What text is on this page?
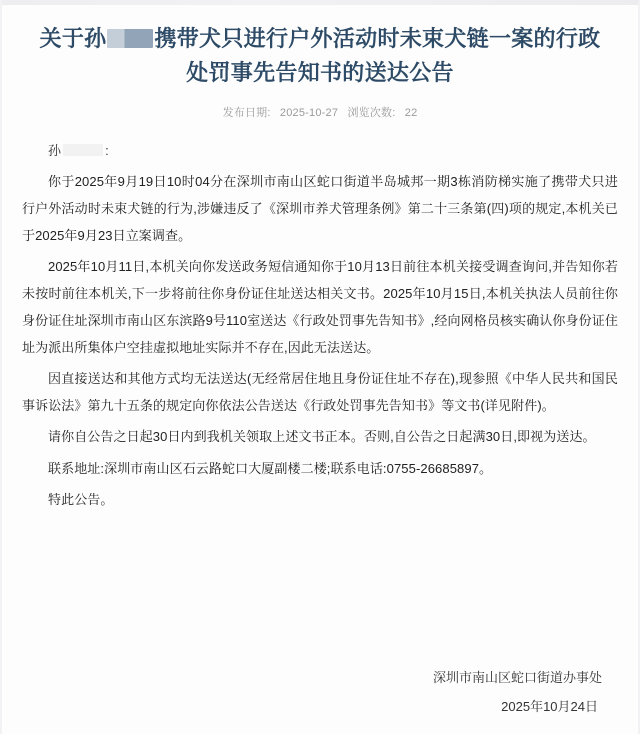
关于孙 携带犬只进行户外活动时未束犬链一案的行政
处罚事先告知书的送达公告
发布日期: 2025-10-27 浏览次数: 22

孙	:

你于2025年9月19日10时04分在深圳市南山区蛇口街道半岛城邦一期3栋消防梯实施了携带犬只进行户外活动时未束犬链的行为,涉嫌违反了《深圳市养犬管理条例》第二十三条第(四)项的规定,本机关已于2025年9月23日立案调查。

2025年10月11日,本机关向你发送政务短信通知你于10月13日前往本机关接受调查询问,并告知你若未按时前往本机关,下一步将前往你身份证住址送达相关文书。2025年10月15日,本机关执法人员前往你身份证住址深圳市南山区东滨路9号110室送达《行政处罚事先告知书》,经向网格员核实确认你身份证住址为派出所集体户空挂虚拟地址实际并不存在,因此无法送达。

因直接送达和其他方式均无法送达(无经常居住地且身份证住址不存在),现参照《中华人民共和国民事诉讼法》第九十五条的规定向你依法公告送达《行政处罚事先告知书》等文书(详见附件)。

请你自公告之日起30日内到我机关领取上述文书正本。否则,自公告之日起满30日,即视为送达。

联系地址:深圳市南山区石云路蛇口大厦副楼二楼;联系电话:0755-26685897。

特此公告。

深圳市南山区蛇口街道办事处
2025年10月24日
